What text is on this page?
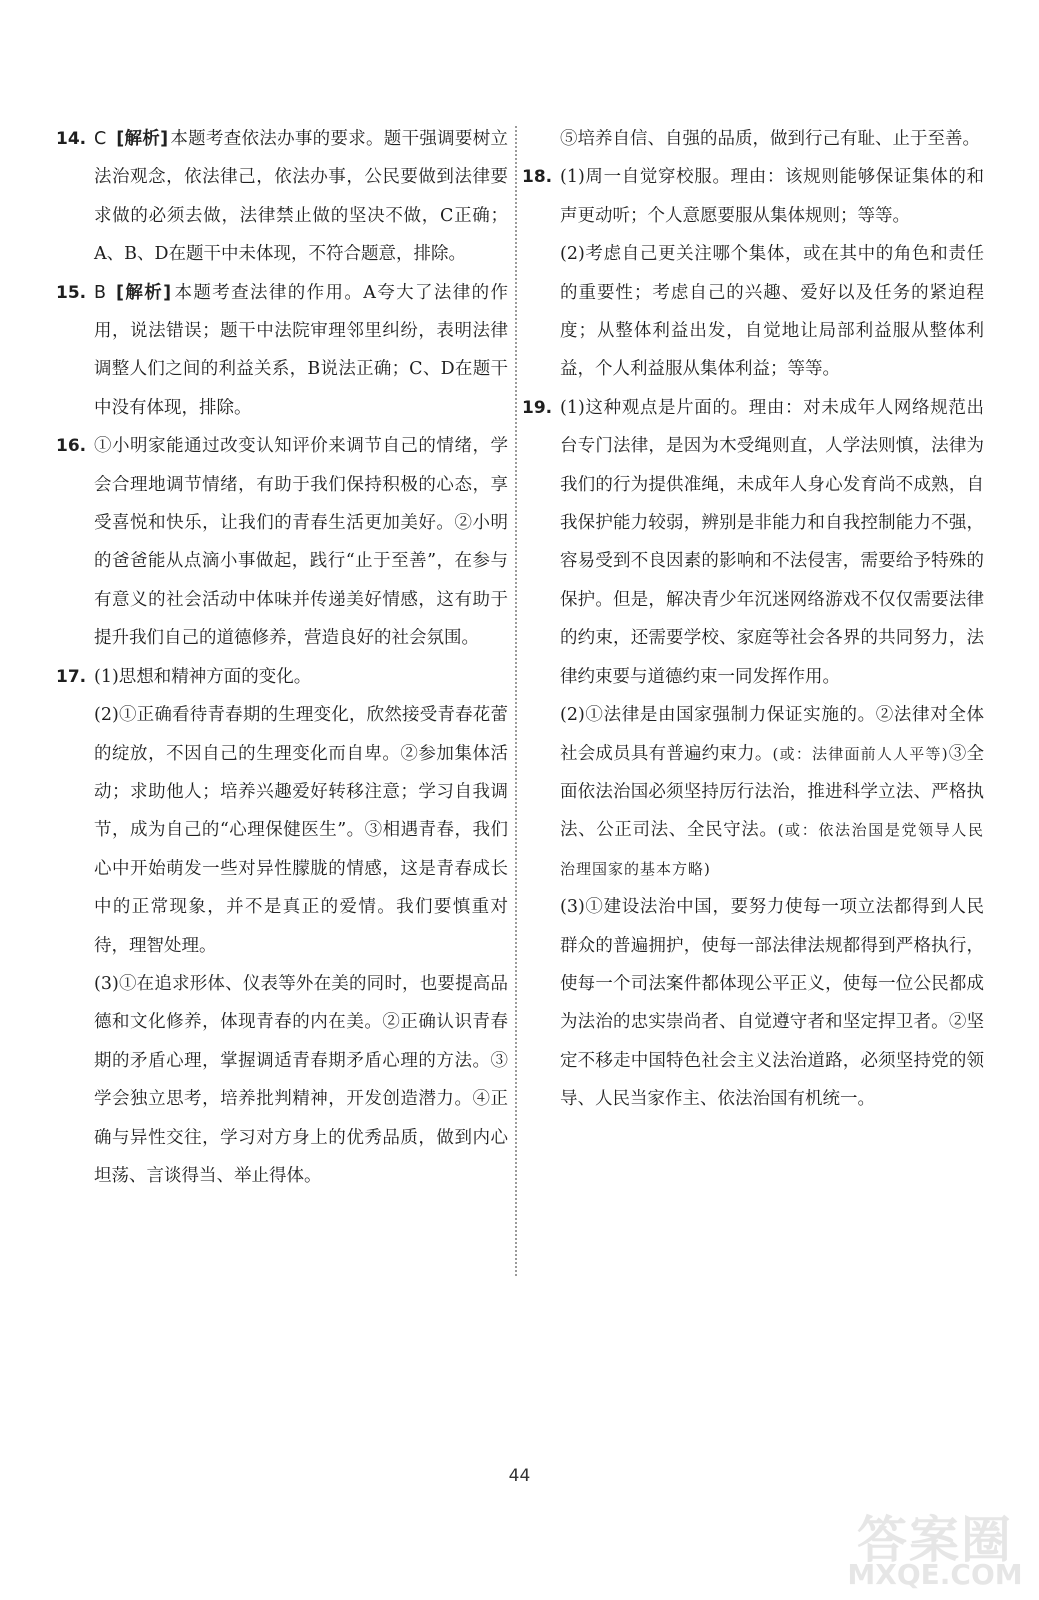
14. C [解析] 本题考查依法办事的要求。题干强调要树立法治观念，依法律己，依法办事，公民要做到法律要求做的必须去做，法律禁止做的坚决不做，C正确；A、B、D在题干中未体现，不符合题意，排除。

15. B [解析] 本题考查法律的作用。A夸大了法律的作用，说法错误；题干中法院审理邻里纠纷，表明法律调整人们之间的利益关系，B说法正确；C、D在题干中没有体现，排除。

16. ①小明家能通过改变认知评价来调节自己的情绪，学会合理地调节情绪，有助于我们保持积极的心态，享受喜悦和快乐，让我们的青春生活更加美好。②小明的爸爸能从点滴小事做起，践行“止于至善”，在参与有意义的社会活动中体味并传递美好情感，这有助于提升我们自己的道德修养，营造良好的社会氛围。

17. (1)思想和精神方面的变化。

(2)①正确看待青春期的生理变化，欣然接受青春花蕾的绽放，不因自己的生理变化而自卑。②参加集体活动；求助他人；培养兴趣爱好转移注意；学习自我调节，成为自己的“心理保健医生”。③相遇青春，我们心中开始萌发一些对异性朦胧的情感，这是青春成长中的正常现象，并不是真正的爱情。我们要慎重对待，理智处理。

(3)①在追求形体、仪表等外在美的同时，也要提高品德和文化修养，体现青春的内在美。②正确认识青春期的矛盾心理，掌握调适青春期矛盾心理的方法。③学会独立思考，培养批判精神，开发创造潜力。④正确与异性交往，学习对方身上的优秀品质，做到内心坦荡、言谈得当、举止得体。

⑤培养自信、自强的品质，做到行己有耻、止于至善。

18. (1)周一自觉穿校服。理由：该规则能够保证集体的和声更动听；个人意愿要服从集体规则；等等。

(2)考虑自己更关注哪个集体，或在其中的角色和责任的重要性；考虑自己的兴趣、爱好以及任务的紧迫程度；从整体利益出发，自觉地让局部利益服从整体利益，个人利益服从集体利益；等等。

19. (1)这种观点是片面的。理由：对未成年人网络规范出台专门法律，是因为木受绳则直，人学法则慎，法律为我们的行为提供准绳，未成年人身心发育尚不成熟，自我保护能力较弱，辨别是非能力和自我控制能力不强，容易受到不良因素的影响和不法侵害，需要给予特殊的保护。但是，解决青少年沉迷网络游戏不仅仅需要法律的约束，还需要学校、家庭等社会各界的共同努力，法律约束要与道德约束一同发挥作用。

(2)①法律是由国家强制力保证实施的。②法律对全体社会成员具有普遍约束力。(或：法律面前人人平等)③全面依法治国必须坚持厉行法治，推进科学立法、严格执法、公正司法、全民守法。(或：依法治国是党领导人民治理国家的基本方略)

(3)①建设法治中国，要努力使每一项立法都得到人民群众的普遍拥护，使每一部法律法规都得到严格执行，使每一个司法案件都体现公平正义，使每一位公民都成为法治的忠实崇尚者、自觉遵守者和坚定捍卫者。②坚定不移走中国特色社会主义法治道路，必须坚持党的领导、人民当家作主、依法治国有机统一。

44
答案圈
MXQE.COM
